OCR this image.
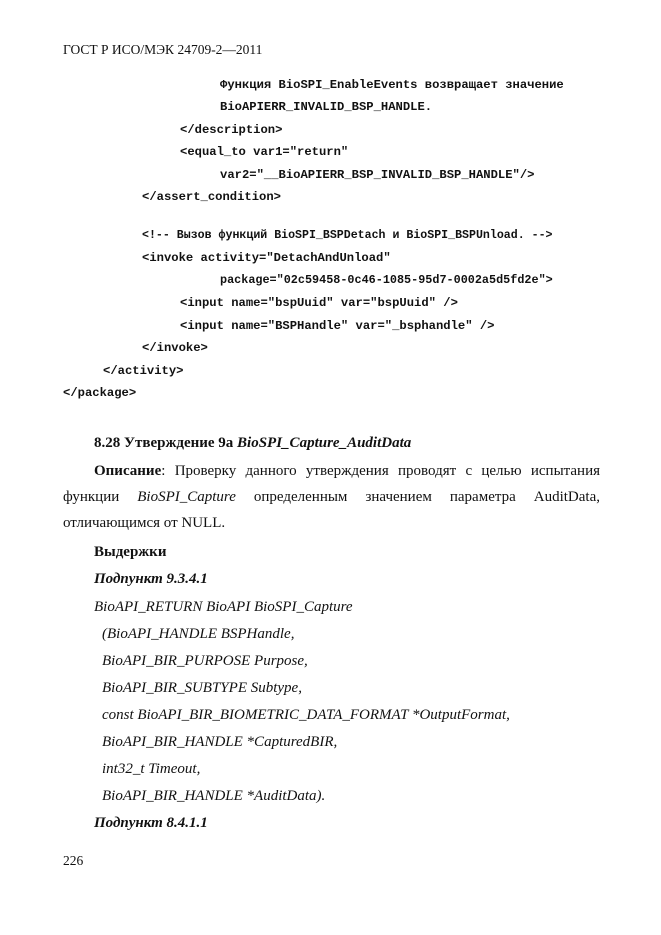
ГОСТ Р ИСО/МЭК 24709-2—2011
Функция BioSPI_EnableEvents возвращает значение
BioAPIERR_INVALID_BSP_HANDLE.
</description>
<equal_to var1="return"
var2="__BioAPIERR_BSP_INVALID_BSP_HANDLE"/>
</assert_condition>
<!-- Вызов функций BioSPI_BSPDetach и BioSPI_BSPUnload. -->
<invoke activity="DetachAndUnload"
package="02c59458-0c46-1085-95d7-0002a5d5fd2e">
<input name="bspUuid" var="bspUuid" />
<input name="BSPHandle" var="_bsphandle" />
</invoke>
</activity>
</package>
8.28 Утверждение 9а BioSPI_Capture_AuditData
Описание: Проверку данного утверждения проводят с целью испытания функции BioSPI_Capture определенным значением параметра AuditData, отличающимся от NULL.
Выдержки
Подпункт 9.3.4.1
BioAPI_RETURN BioAPI BioSPI_Capture
(BioAPI_HANDLE BSPHandle,
BioAPI_BIR_PURPOSE Purpose,
BioAPI_BIR_SUBTYPE Subtype,
const BioAPI_BIR_BIOMETRIC_DATA_FORMAT *OutputFormat,
BioAPI_BIR_HANDLE *CapturedBIR,
int32_t Timeout,
BioAPI_BIR_HANDLE *AuditData).
Подпункт 8.4.1.1
226
